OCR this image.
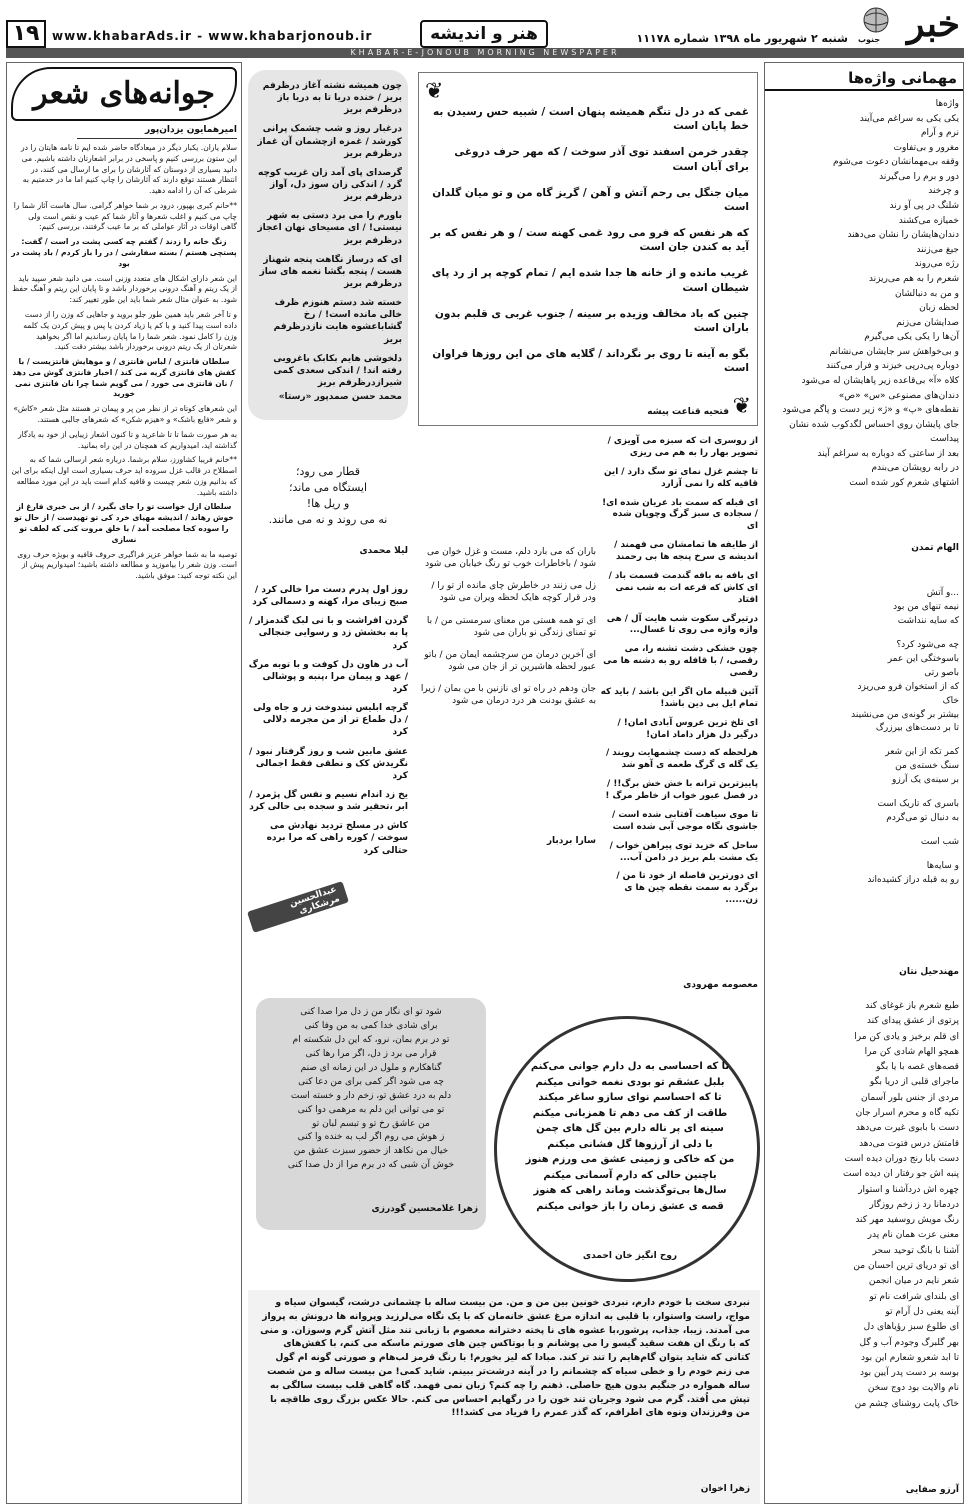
۱۹	www.khabarAds.ir - www.khabarjonoub.ir	هنر و اندیشه	شنبه ۲ شهریور ماه ۱۳۹۸ شماره ۱۱۱۷۸ خبر
جنوب
KHABAR-E-JONOUB MORNING NEWSPAPER
جوانه‌های شعر
امیرهمایون یزدان‌پور

سلام یاران. یکبار دیگر در میعادگاه حاضر شده ایم تا نامه هایتان را در این ستون بررسی کنیم و پاسخی در برابر اشعارتان داشته باشیم. می دانید بسیاری از دوستان که آثارشان را برای ما ارسال می کنند، در انتظار هستند توقع دارند که آثارشان را چاپ کنیم اما ما در خدمتیم به شرطی که آن را ادامه دهید.

**حانم کبری بهپور، درود بر شما خواهر گرامی. سال هاست آثار شما را چاپ می کنیم و اغلب شعرها و آثار شما کم عیب و نقص است ولی گاهی اوقات در آثار عواملی که بر ما عیب گرفتند، بررسی کنیم:

زنگ خانه را زدند / گفتم چه کسی پشت در است / گفت: پستچی هستم / بسته سفارشی / در را باز کردم / باد پشت در بود

این شعر دارای اشکال های متعدد وزنی است. می دانید شعر سپید باید از یک ریتم و آهنگ درونی برخوردار باشد و تا پایان این ریتم و آهنگ حفظ شود. به عنوان مثال شعر شما باید این طور تغییر کند:

و تا آخر شعر باید همین طور جلو بروید و جاهایی که وزن را از دست داده است پیدا کنید و با کم یا زیاد کردن یا پس و پیش کردن یک کلمه وزن را کامل نمود. شعر شما را ما پایان رساندیم اما اگر بخواهید شعرتان از یک ریتم درونی برخوردار باشد بیشتر دقت کنید.

سلطان فانتزی / لباس فانتزی / و موهایش فانتزیست / با کفش های فانتزی گریه می کند / اخبار فانتزی گوش می دهد / نان فانتزی می خورد / می گویم شما چرا نان فانتزی نمی خورید

این شعرهای کوتاه تر از نظر من پر و پیمان تر هستند مثل شعر «کاش» و شعر «فایع باشک» و «هیزم شکن» که شعرهای جالبی هستند.

به هر صورت شما تا تا شاعرید و تا کنون اشعار زیبایی از خود به یادگار گذاشته اید، امیدواریم که همچنان در این راه بمانید.

**خانم فریبا کشاورز، سلام برشما. درباره شعر ارسالی شما که به اصطلاح در قالب غزل سروده اید حرف بسیاری است اول اینکه برای این که بدانیم وزن شعر چیست و قافیه کدام است باید در این مورد مطالعه داشته باشید.

سلطان ازل خواست تو را جای بگیرد / از بی خبری فارغ از خوش رهاند / اندیشه مهیای خرد کی تو تهیدست / از حال تو را سوده کجا مصلحت آمد / با خلق مروت کنی که لطف تو نسازی

توصیه ما به شما خواهر عزیز فراگیری حروف قافیه و بویژه حرف روی است. وزن شعر را بیاموزید و مطالعه داشته باشید؛ امیدواریم پیش از این نکته توجه کنید: موفق باشید.

چون همیشه نشته آغاز درظرفم بریز / خنده دریا تا به دریا باز درظرفم بریز

درغبار روز و شب چشمک پرانی کورشد / غمزه ازچشمان آن غماز درظرفم بریز

گرصدای پای آمد زان غریب کوچه گرد / اندکی زان سوز دل، آواز درظرفم بریز

باورم را می برد دستی به شهر نیستی! / ای مسیحای نهان اعجاز درظرفم بریز

ای که درساز نگاهت پنجه شهناز هست / پنجه بگشا نغمه های ساز درظرفم بریز

خسته شد دستم هنوزم ظرف خالی مانده است! / رخ گشاباعشوه هایت نازدرظرفم بریز

دلخوشی هایم بکابک باغروبی رفته اند! / اندکی سعدی کمی شیرازدرظرفم بریز

محمد حسن صمدپور «رستا»

قطار می رود؛

ایستگاه می ماند؛

و ریل ها!

نه می روند و نه می مانند.

لیلا محمدی

روز اول پدرم دست مرا خالی کرد / صبح زیبای مرا، کهنه و دسمالی کرد

گردن افراشت و با نی لبک گندمزار / پا به بخشش زد و رسوایی جنجالی کرد

آب در هاون دل کوفت و با توبه مرگ / عهد و پیمان مرا ،پنبه و پوشالی کرد

گرچه ابلیس نبندوخت زر و جاه ولی / دل طماع تر از من مجرمه دلالی کرد

عشق مابین شب و روز گرفتار نبود / نگریدش کک و نطقی فقط اجمالی کرد

یخ زد اندام نسیم و نفس گل پژمرد / ابر ،تحقیر شد و سجده بی حالی کرد

کاش در مسلخ تردید نهادش می سوخت / کوره راهی که مرا برده حتالی کرد

عبدالحسین مرشکاری
❦
❦

غمی که در دل تنگم همیشه پنهان است / شبیه حس رسیدن به خط پایان است

چقدر خرمن اسفند توی آذر سوخت / که مهر حرف دروغی برای آبان است

میان جنگل بی رحم آتش و آهن / گریز گاه من و تو میان گلدان است

که هر نفس که فرو می رود غمی کهنه ست / و هر نفس که بر آید به کندن جان است

غریب مانده و از خانه ها جدا شده ایم / تمام کوچه پر از رد پای شیطان است

چنین که باد مخالف وزیده بر سینه / جنوب غربی ی قلبم بدون باران است

بگو به آینه تا روی بر نگرداند / گلایه های من این روزها فراوان است

فتحیه قناعت پیشه

باران که می بارد دلم، مست و غزل خوان می شود / باخاطرات خوب تو رنگ خیابان می شود

زل می زنند در خاطرش چای مانده از تو را / ودر قرار کوچه هایک لحظه ویران می شود

ای تو همه هستی من معنای سرمستی من / با تو تمنای زندگی نو باران می شود

ای آخرین درمان من سرچشمه ایمان من / باتو عبور لحظه هاشیرین تر از جان می شود

جان ودهم در راه تو ای نازنین با من بمان / زیرا به عشق بودنت هر درد درمان می شود

سارا بردبار

از روسری ات که سبزه می آویزی / تصویر بهار را به هم می ریزی

تا چشم غزل نمای تو سگ دارد / این قافیه کله را نمی آزارد

ای قبله که سمت باد عریان شده ای! / سجاده ی سبز گرگ وچوپان شده ای

از طایفه ها تمامشان می فهمند / اندیشه ی سرخ پنجه ها بی رحمند

ای بافه به بافه گندمت قسمت باد / ای کاش که قرعه ات به شب نمی افتاد

درتیرگی سکوت شب هایت آل / هی واژه واژه می روی تا غسال...

چون خشکی دشت تشنه را، می رقصی، / با قافله رو به دشنه ها می رقصی

آئین قبیله مان اگر این باشد / باید که تمام ایل بی دین باشد!

ای تلخ ترین عروس آبادی امان! / درگیر دل هزار داماد امان!

هرلحظه که دست چشمهایت رویند / یک گله ی گرگ طعمه ی آهو شد

پاییزترین ترانه با خش خش برگ!! / در فصل عبور خواب از خاطر مرگ !

تا موی سیاهت آفتابی شده است / جاشوی نگاه موجی آبی شده است

ساحل که خزید توی پیراهن خواب / یک مشت بلم بریز در دامن آب...

ای دورترین فاصله از خود تا من / برگرد به سمت نقطه چین ها ی زن......

معصومه مهرودی

شود تو ای نگار من ز دل مرا صدا کنی

برای شادی خدا کمی به من وفا کنی

تو در برم بمان، نرو، که این دل شکسته ام

قرار می برد ز دل، اگر مرا رها کنی

گناهکارم و ملول در این زمانه ای صنم

چه می شود اگر کمی برای من دعا کنی

دلم به درد عشق تو، زخم دار و خسته است

تو می توانی این دلم به مرهمی دوا کنی

من عاشق رخ تو و تبسم لبان تو

ز هوش می روم اگر لب به خنده وا کنی

خیال من نکاهد از حضور سبزت عشق من

خوش آن شبی که در برم مرا از دل صدا کنی

زهرا غلامحسین گودرزی

تا که احساسی به دل دارم جوانی می‌کنم

بلبل عشقم تو بودی نغمه خوانی میکنم

تا که احساسم نوای سازو ساغر میکند

طاقت از کف می دهم تا همزبانی میکنم

سینه ای پر ناله دارم بین گل های چمن

با دلی از آرزوها گل فشانی میکنم

من که خاکی و زمینی عشق می ورزم هنوز

باچنین حالی که دارم آسمانی میکنم

سال‌ها بی‌توگذشت وماند راهی که هنوز

قصه ی عشق زمان را باز خوانی میکنم

روح انگیز خان احمدی
نبردی سخت با خودم دارم، نبردی خونین بین من و من. من بیست ساله با چشمانی درشت، گیسوان سیاه و مواج، راست واستوار، با قلبی به اندازه مرغ عشق خانه‌مان که با یک نگاه می‌لرزید وپروانه ها درونش به پرواز می آمدند. زیبا، جذاب، پرشور،با عشوه های نا پخته دخترانه معصوم با زبانی تند مثل آتش گرم وسوزان. و منی که با رنگ ان هفت سقید گیسو را می پوشانم و با بوتاکس چین های صورتم ماسکه می کنم، با کفش‌های کتانی که شاید بتوان گام‌هایم را تند تر کند. مبادا که لیز بخورم! با رنگ قرمز لب‌هام و صورتی گونه ام گول می زنم خودم را و خطی سیاه که چشمانم را در آینه درشت‌تر ببینم. شاید کمی! من بیست ساله و من شصت ساله همواره در جنگیم بدون هیچ حاصلی. ذهنم را چه کنم؟ زبان نمی فهمد. گاه گاهی قلب بیست سالگی به تپش می اُفتد. گرم می شود وجریان تند خون را در رگهایم احساس می کنم. حالا عکس بزرگ روی طاقچه با من وفرزندان ونوه های اطرافم، که گذر عمرم را فریاد می کشد!!!
زهرا اخوان
مهمانی واژه‌ها

واژه‌ها

یکی یکی به سراغم می‌آیند

نرم و آرام

مغرور و بی‌تفاوت

وقفه بی‌مهمانشان دعوت می‌شوم

دور و برم را می‌گیرند

و چرخند

شلنگ در پی آو رند

خمیازه می‌کشند

دندان‌هایشان را نشان می‌دهند

جیغ می‌زنند

رژه می‌روند

شعرم را به هم می‌ریزند

و من به دنبالشان

لحظه زبان

صدایشان می‌زنم

آن‌ها را یکی یکی می‌گیرم

و بی‌خواهش سر جایشان می‌نشانم

دوباره پی‌درپی خیزند و فرار می‌کنند

کلاه «آ» بی‌قاعده زیر پاهایشان له می‌شود

دندان‌های مصنوعی «س» «ص»

نقطه‌های «پ» و «ژ» زیر دست و پاگم می‌شود

جای پایشان روی احساس لگدکوب شده نشان پیداست

بعد از ساعتی که دوباره به سراغم آیند

در رابه رویشان می‌بندم

اشتهای شعرم کور شده است

الهام تمدن

...و آتش

نیمه تنهای من بود

که سایه ننداشت

چه می‌شود کرد؟

باسوختگی این عمر

باصو رتی

که از استخوان فرو می‌ریزد

خاک

بیشتر بر گونه‌ی من می‌نشیند

تا بر دست‌های بیرزرگ

کمر تکه از این شعر

سنگ خسته‌ی من

بر سینه‌ی یک آرزو

باسری که تاریک است

به دنبال تو می‌گردم

شب است

و سایه‌ها

رو به قبله دراز کشیده‌اند

مهندحیل نتان

طبع شعرم باز غوغای کند

پرتوی از عشق پیدای کند

ای قلم برخیز و یادی کن مرا

همچو الهام شادی کن مرا

قصه‌های غصه با یا بگو

ماجرای قلبی از دریا بگو

مردی از جنس بلور آسمان

تکیه گاه و محرم اسرار جان

دست با بابوی غیرت می‌دهد

قامتش درس فتوت می‌دهد

دست بابا رنج دوران دیده است

پنبه اش جو رفتار ان دیده است

چهره اش دردآشنا و استوار

دردمانا رد ز زخم روزگار

رنگ مویش روسفید مهر کند

معنی عزت همان نام پدر

آشنا با بانگ توحید سحر

ای تو دریای ترین احسان من

شعر نایم در میان انجمن

ای بلندای شرافت نام تو

آینه یعنی دل آرام تو

ای طلوع سبز رؤیاهای دل

بهر گلبرگ وجودم آب و گل

تا ابد شعرو شعارم این بود

بوسه بر دست پدر آیین بود

نام والایت بود دوج سخن

خاک پایت روشنای چشم من

آرزو صفایی
